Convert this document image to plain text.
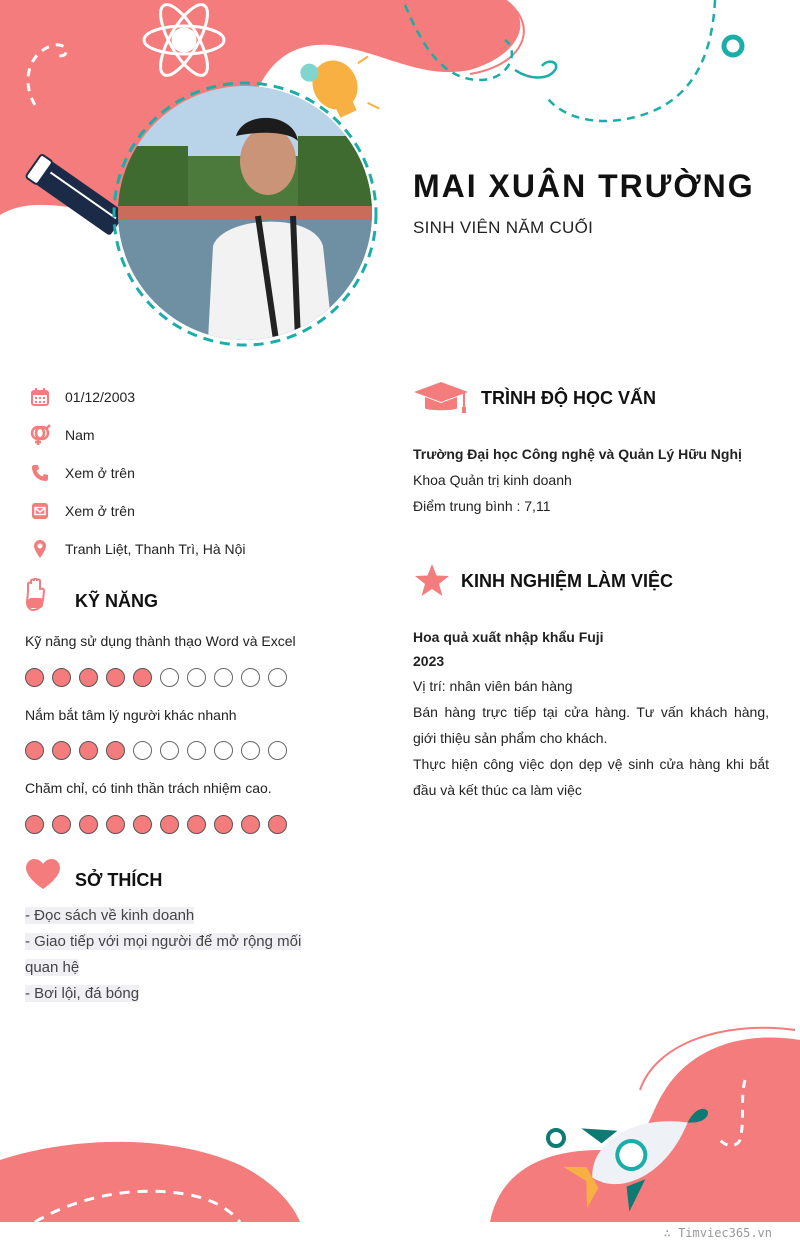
MAI XUÂN TRƯỜNG
SINH VIÊN NĂM CUỐI
01/12/2003
Nam
Xem ở trên
Xem ở trên
Tranh Liệt, Thanh Trì, Hà Nội
KỸ NĂNG
Kỹ năng sử dụng thành thạo Word và Excel
Nắm bắt tâm lý người khác nhanh
Chăm chỉ, có tinh thần trách nhiệm cao.
SỞ THÍCH
- Đọc sách về kinh doanh
- Giao tiếp với mọi người để mở rộng mối quan hệ
- Bơi lội, đá bóng
TRÌNH ĐỘ HỌC VẤN
Trường Đại học Công nghệ và Quản Lý Hữu Nghị
Khoa Quản trị kinh doanh
Điểm trung bình : 7,11
KINH NGHIỆM LÀM VIỆC
Hoa quả xuất nhập khẩu Fuji
2023
Vị trí: nhân viên bán hàng
Bán hàng trực tiếp tại cửa hàng. Tư vấn khách hàng, giới thiệu sản phẩm cho khách.
Thực hiện công việc dọn dẹp vệ sinh cửa hàng khi bắt đầu và kết thúc ca làm việc
∴ Timviec365.vn
